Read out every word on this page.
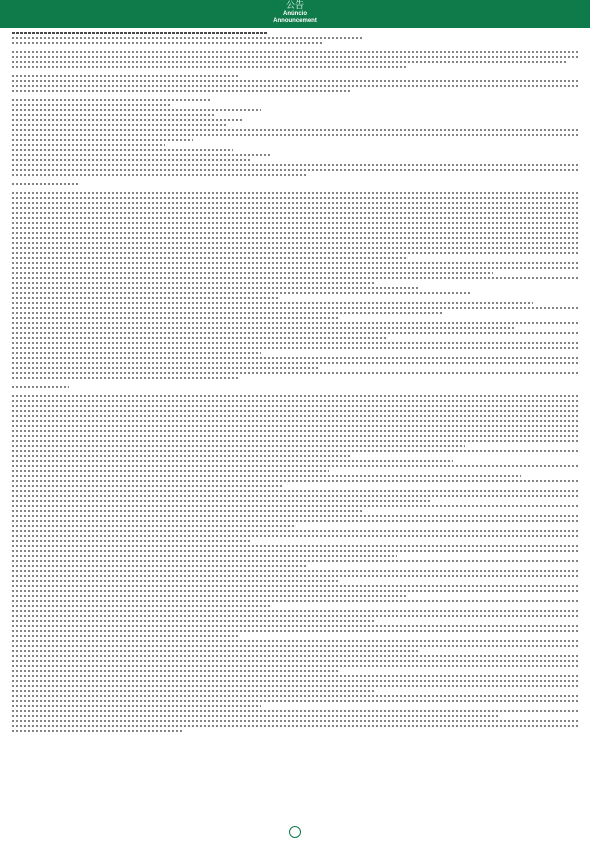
公告
Anúncio
Announcement
